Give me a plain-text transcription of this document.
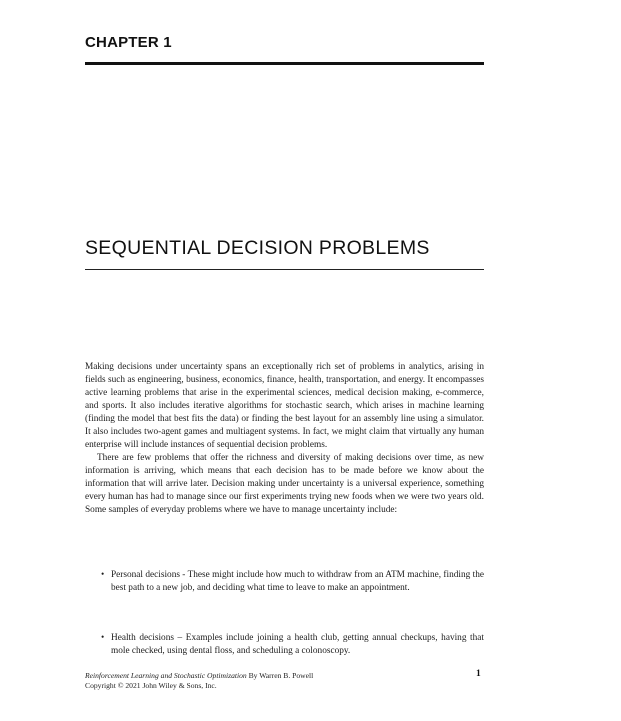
CHAPTER 1
SEQUENTIAL DECISION PROBLEMS

Making decisions under uncertainty spans an exceptionally rich set of problems in analytics, arising in fields such as engineering, business, economics, finance, health, transportation, and energy. It encompasses active learning problems that arise in the experimental sciences, medical decision making, e-commerce, and sports. It also includes iterative algorithms for stochastic search, which arises in machine learning (finding the model that best fits the data) or finding the best layout for an assembly line using a simulator. It also includes two-agent games and multiagent systems. In fact, we might claim that virtually any human enterprise will include instances of sequential decision problems.

There are few problems that offer the richness and diversity of making decisions over time, as new information is arriving, which means that each decision has to be made before we know about the information that will arrive later. Decision making under uncertainty is a universal experience, something every human has had to manage since our first experiments trying new foods when we were two years old. Some samples of everyday problems where we have to manage uncertainty include:

• Personal decisions - These might include how much to withdraw from an ATM machine, finding the best path to a new job, and deciding what time to leave to make an appointment.
• Health decisions – Examples include joining a health club, getting annual checkups, having that mole checked, using dental floss, and scheduling a colonoscopy.
Reinforcement Learning and Stochastic Optimization By Warren B. Powell
Copyright © 2021 John Wiley & Sons, Inc.
1
